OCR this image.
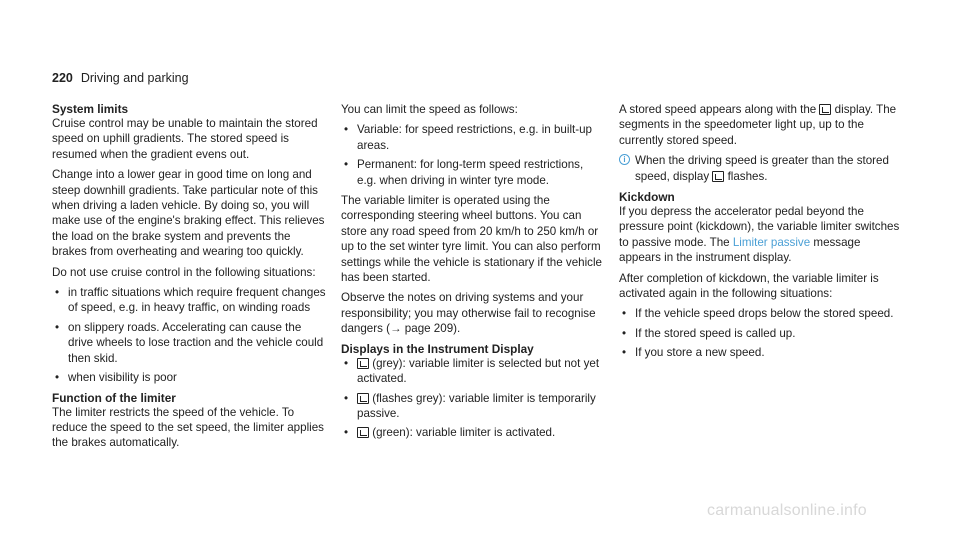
220 Driving and parking
System limits

Cruise control may be unable to maintain the stored speed on uphill gradients. The stored speed is resumed when the gradient evens out.

Change into a lower gear in good time on long and steep downhill gradients. Take particular note of this when driving a laden vehicle. By doing so, you will make use of the engine's braking effect. This relieves the load on the brake system and prevents the brakes from overheating and wearing too quickly.

Do not use cruise control in the following situations:

• in traffic situations which require frequent changes of speed, e.g. in heavy traffic, on winding roads
• on slippery roads. Accelerating can cause the drive wheels to lose traction and the vehicle could then skid.
• when visibility is poor
Function of the limiter

The limiter restricts the speed of the vehicle. To reduce the speed to the set speed, the limiter applies the brakes automatically.

You can limit the speed as follows:

• Variable: for speed restrictions, e.g. in built-up areas.
• Permanent: for long-term speed restrictions, e.g. when driving in winter tyre mode.

The variable limiter is operated using the corresponding steering wheel buttons. You can store any road speed from 20 km/h to 250 km/h or up to the set winter tyre limit. You can also perform settings while the vehicle is stationary if the vehicle has been started.

Observe the notes on driving systems and your responsibility; you may otherwise fail to recognise dangers (→ page 209).

Displays in the Instrument Display
• (grey): variable limiter is selected but not yet activated.
• (flashes grey): variable limiter is temporarily passive.
• (green): variable limiter is activated.

A stored speed appears along with the  display. The segments in the speedometer light up, up to the currently stored speed.

i When the driving speed is greater than the stored speed, display  flashes.
Kickdown

If you depress the accelerator pedal beyond the pressure point (kickdown), the variable limiter switches to passive mode. The Limiter passive message appears in the instrument display.

After completion of kickdown, the variable limiter is activated again in the following situations:

• If the vehicle speed drops below the stored speed.
• If the stored speed is called up.
• If you store a new speed.
carmanualsonline.info
